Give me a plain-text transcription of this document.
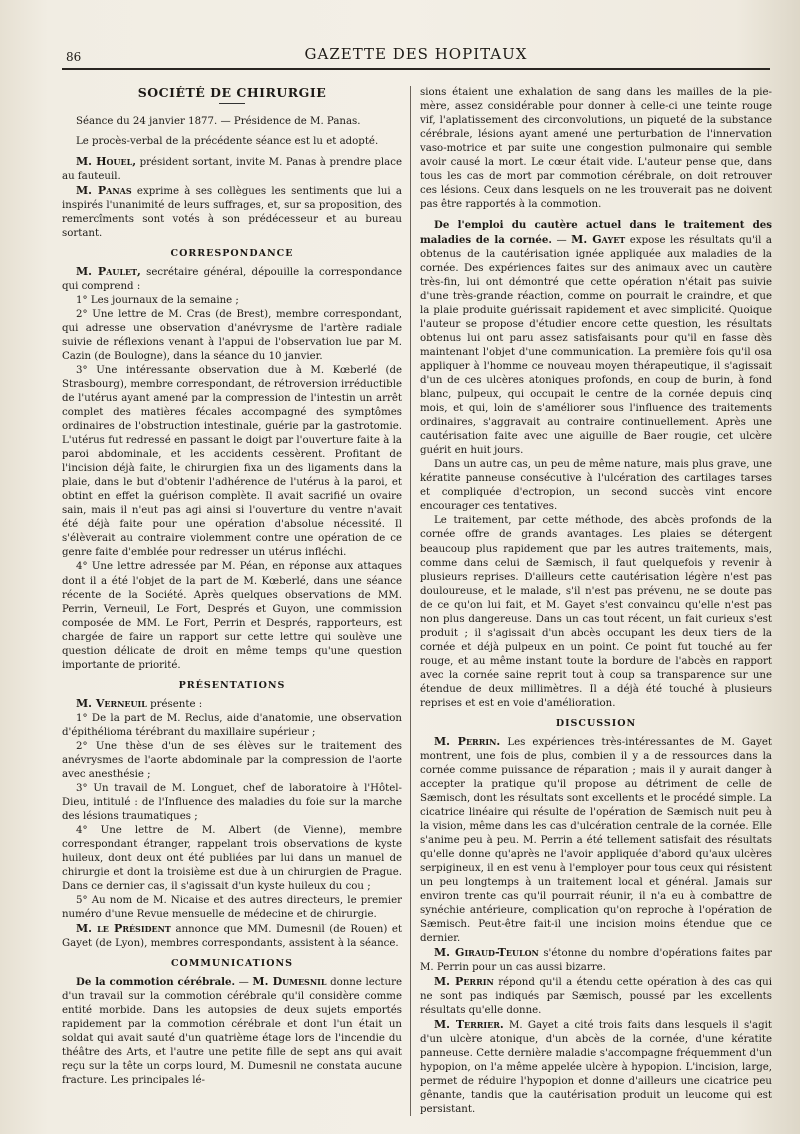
86	GAZETTE DES HOPITAUX
SOCIÉTÉ DE CHIRURGIE

Séance du 24 janvier 1877. — Présidence de M. Panas.

Le procès-verbal de la précédente séance est lu et adopté.

M. Houel, président sortant, invite M. Panas à prendre place au fauteuil.

M. Panas exprime à ses collègues les sentiments que lui a inspirés l'unanimité de leurs suffrages, et, sur sa proposition, des remercîments sont votés à son prédécesseur et au bureau sortant.

CORRESPONDANCE

M. Paulet, secrétaire général, dépouille la correspondance qui comprend :

1° Les journaux de la semaine ;

2° Une lettre de M. Cras (de Brest), membre correspondant, qui adresse une observation d'anévrysme de l'artère radiale suivie de réflexions venant à l'appui de l'observation lue par M. Cazin (de Boulogne), dans la séance du 10 janvier.

3° Une intéressante observation due à M. Kœberlé (de Strasbourg), membre correspondant, de rétroversion irréductible de l'utérus ayant amené par la compression de l'intestin un arrêt complet des matières fécales accompagné des symptômes ordinaires de l'obstruction intestinale, guérie par la gastrotomie. L'utérus fut redressé en passant le doigt par l'ouverture faite à la paroi abdominale, et les accidents cessèrent. Profitant de l'incision déjà faite, le chirurgien fixa un des ligaments dans la plaie, dans le but d'obtenir l'adhérence de l'utérus à la paroi, et obtint en effet la guérison complète. Il avait sacrifié un ovaire sain, mais il n'eut pas agi ainsi si l'ouverture du ventre n'avait été déjà faite pour une opération d'absolue nécessité. Il s'élèverait au contraire violemment contre une opération de ce genre faite d'emblée pour redresser un utérus infléchi.

4° Une lettre adressée par M. Péan, en réponse aux attaques dont il a été l'objet de la part de M. Kœberlé, dans une séance récente de la Société. Après quelques observations de MM. Perrin, Verneuil, Le Fort, Després et Guyon, une commission composée de MM. Le Fort, Perrin et Després, rapporteurs, est chargée de faire un rapport sur cette lettre qui soulève une question délicate de droit en même temps qu'une question importante de priorité.

PRÉSENTATIONS

M. Verneuil présente :

1° De la part de M. Reclus, aide d'anatomie, une observation d'épithélioma térébrant du maxillaire supérieur ;

2° Une thèse d'un de ses élèves sur le traitement des anévrysmes de l'aorte abdominale par la compression de l'aorte avec anesthésie ;

3° Un travail de M. Longuet, chef de laboratoire à l'Hôtel-Dieu, intitulé : de l'Influence des maladies du foie sur la marche des lésions traumatiques ;

4° Une lettre de M. Albert (de Vienne), membre correspondant étranger, rappelant trois observations de kyste huileux, dont deux ont été publiées par lui dans un manuel de chirurgie et dont la troisième est due à un chirurgien de Prague. Dans ce dernier cas, il s'agissait d'un kyste huileux du cou ;

5° Au nom de M. Nicaise et des autres directeurs, le premier numéro d'une Revue mensuelle de médecine et de chirurgie.

M. le Président annonce que MM. Dumesnil (de Rouen) et Gayet (de Lyon), membres correspondants, assistent à la séance.

COMMUNICATIONS

De la commotion cérébrale. — M. Dumesnil donne lecture d'un travail sur la commotion cérébrale qu'il considère comme entité morbide. Dans les autopsies de deux sujets emportés rapidement par la commotion cérébrale et dont l'un était un soldat qui avait sauté d'un quatrième étage lors de l'incendie du théâtre des Arts, et l'autre une petite fille de sept ans qui avait reçu sur la tête un corps lourd, M. Dumesnil ne constata aucune fracture. Les principales lé-

sions étaient une exhalation de sang dans les mailles de la pie-mère, assez considérable pour donner à celle-ci une teinte rouge vif, l'aplatissement des circonvolutions, un piqueté de la substance cérébrale, lésions ayant amené une perturbation de l'innervation vaso-motrice et par suite une congestion pulmonaire qui semble avoir causé la mort. Le cœur était vide. L'auteur pense que, dans tous les cas de mort par commotion cérébrale, on doit retrouver ces lésions. Ceux dans lesquels on ne les trouverait pas ne doivent pas être rapportés à la commotion.

De l'emploi du cautère actuel dans le traitement des maladies de la cornée. — M. Gayet expose les résultats qu'il a obtenus de la cautérisation ignée appliquée aux maladies de la cornée. Des expériences faites sur des animaux avec un cautère très-fin, lui ont démontré que cette opération n'était pas suivie d'une très-grande réaction, comme on pourrait le craindre, et que la plaie produite guérissait rapidement et avec simplicité. Quoique l'auteur se propose d'étudier encore cette question, les résultats obtenus lui ont paru assez satisfaisants pour qu'il en fasse dès maintenant l'objet d'une communication. La première fois qu'il osa appliquer à l'homme ce nouveau moyen thérapeutique, il s'agissait d'un de ces ulcères atoniques profonds, en coup de burin, à fond blanc, pulpeux, qui occupait le centre de la cornée depuis cinq mois, et qui, loin de s'améliorer sous l'influence des traitements ordinaires, s'aggravait au contraire continuellement. Après une cautérisation faite avec une aiguille de Baer rougie, cet ulcère guérit en huit jours.

Dans un autre cas, un peu de même nature, mais plus grave, une kératite panneuse consécutive à l'ulcération des cartilages tarses et compliquée d'ectropion, un second succès vint encore encourager ces tentatives.

Le traitement, par cette méthode, des abcès profonds de la cornée offre de grands avantages. Les plaies se détergent beaucoup plus rapidement que par les autres traitements, mais, comme dans celui de Sæmisch, il faut quelquefois y revenir à plusieurs reprises. D'ailleurs cette cautérisation légère n'est pas douloureuse, et le malade, s'il n'est pas prévenu, ne se doute pas de ce qu'on lui fait, et M. Gayet s'est convaincu qu'elle n'est pas non plus dangereuse. Dans un cas tout récent, un fait curieux s'est produit ; il s'agissait d'un abcès occupant les deux tiers de la cornée et déjà pulpeux en un point. Ce point fut touché au fer rouge, et au même instant toute la bordure de l'abcès en rapport avec la cornée saine reprit tout à coup sa transparence sur une étendue de deux millimètres. Il a déjà été touché à plusieurs reprises et est en voie d'amélioration.

DISCUSSION

M. Perrin. Les expériences très-intéressantes de M. Gayet montrent, une fois de plus, combien il y a de ressources dans la cornée comme puissance de réparation ; mais il y aurait danger à accepter la pratique qu'il propose au détriment de celle de Sæmisch, dont les résultats sont excellents et le procédé simple. La cicatrice linéaire qui résulte de l'opération de Sæmisch nuit peu à la vision, même dans les cas d'ulcération centrale de la cornée. Elle s'anime peu à peu. M. Perrin a été tellement satisfait des résultats qu'elle donne qu'après ne l'avoir appliquée d'abord qu'aux ulcères serpigineux, il en est venu à l'employer pour tous ceux qui résistent un peu longtemps à un traitement local et général. Jamais sur environ trente cas qu'il pourrait réunir, il n'a eu à combattre de synéchie antérieure, complication qu'on reproche à l'opération de Sæmisch. Peut-être fait-il une incision moins étendue que ce dernier.

M. Giraud-Teulon s'étonne du nombre d'opérations faites par M. Perrin pour un cas aussi bizarre.

M. Perrin répond qu'il a étendu cette opération à des cas qui ne sont pas indiqués par Sæmisch, poussé par les excellents résultats qu'elle donne.

M. Terrier. M. Gayet a cité trois faits dans lesquels il s'agit d'un ulcère atonique, d'un abcès de la cornée, d'une kératite panneuse. Cette dernière maladie s'accompagne fréquemment d'un hypopion, on l'a même appelée ulcère à hypopion. L'incision, large, permet de réduire l'hypopion et donne d'ailleurs une cicatrice peu gênante, tandis que la cautérisation produit un leucome qui est persistant.
